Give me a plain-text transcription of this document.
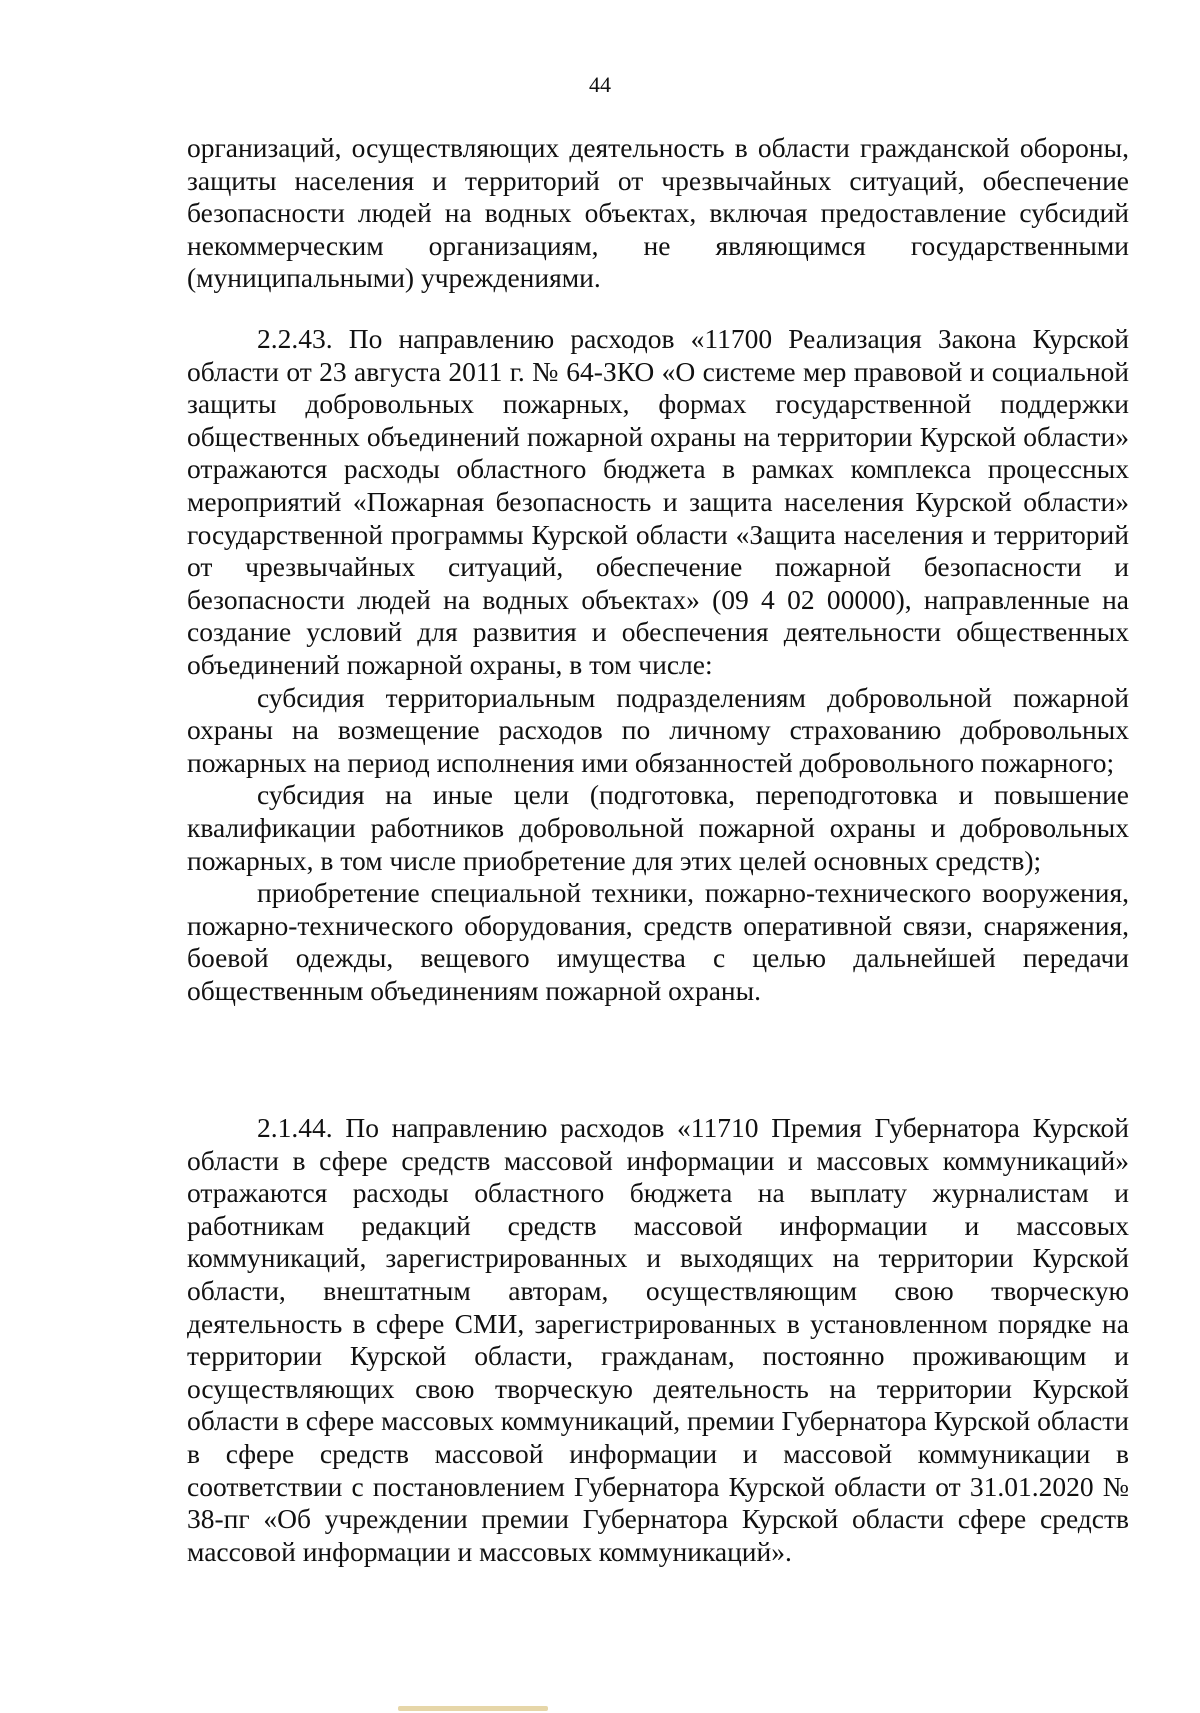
44

организаций, осуществляющих деятельность в области гражданской обороны, защиты населения и территорий от чрезвычайных ситуаций, обеспечение безопасности людей на водных объектах, включая предоставление субсидий некоммерческим организациям, не являющимся государственными (муниципальными) учреждениями.

2.2.43. По направлению расходов «11700 Реализация Закона Курской области от 23 августа 2011 г. № 64-ЗКО «О системе мер правовой и социальной защиты добровольных пожарных, формах государственной поддержки общественных объединений пожарной охраны на территории Курской области» отражаются расходы областного бюджета в рамках комплекса процессных мероприятий «Пожарная безопасность и защита населения Курской области» государственной программы Курской области «Защита населения и территорий от чрезвычайных ситуаций, обеспечение пожарной безопасности и безопасности людей на водных объектах» (09 4 02 00000), направленные на создание условий для развития и обеспечения деятельности общественных объединений пожарной охраны, в том числе:

субсидия территориальным подразделениям добровольной пожарной охраны на возмещение расходов по личному страхованию добровольных пожарных на период исполнения ими обязанностей добровольного пожарного;

субсидия на иные цели (подготовка, переподготовка и повышение квалификации работников добровольной пожарной охраны и добровольных пожарных, в том числе приобретение для этих целей основных средств);

приобретение специальной техники, пожарно-технического вооружения, пожарно-технического оборудования, средств оперативной связи, снаряжения, боевой одежды, вещевого имущества с целью дальнейшей передачи общественным объединениям пожарной охраны.

2.1.44. По направлению расходов «11710 Премия Губернатора Курской области в сфере средств массовой информации и массовых коммуникаций» отражаются расходы областного бюджета на выплату журналистам и работникам редакций средств массовой информации и массовых коммуникаций, зарегистрированных и выходящих на территории Курской области, внештатным авторам, осуществляющим свою творческую деятельность в сфере СМИ, зарегистрированных в установленном порядке на территории Курской области, гражданам, постоянно проживающим и осуществляющих свою творческую деятельность на территории Курской области в сфере массовых коммуникаций, премии Губернатора Курской области в сфере средств массовой информации и массовой коммуникации в соответствии с постановлением Губернатора Курской области от 31.01.2020 № 38-пг «Об учреждении премии Губернатора Курской области сфере средств массовой информации и массовых коммуникаций».
